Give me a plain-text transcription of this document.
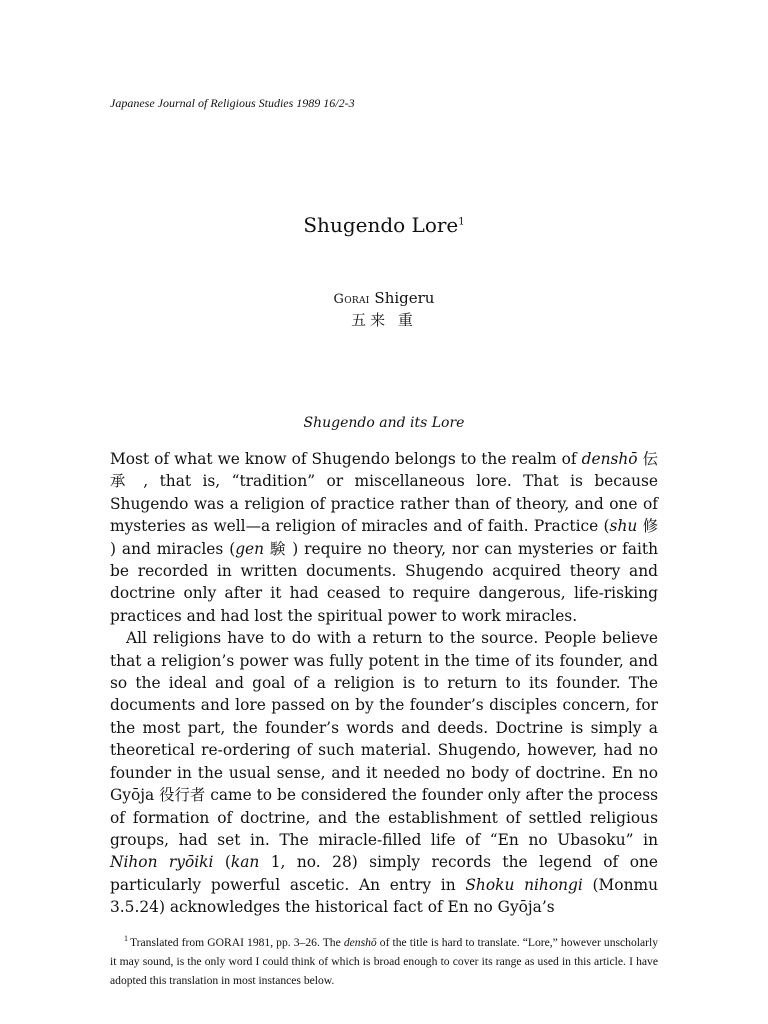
Japanese Journal of Religious Studies 1989 16/2-3
Shugendo Lore$^1$
Gorai Shigeru
五来 重
Shugendo and its Lore

Most of what we know of Shugendo belongs to the realm of denshō 伝承 , that is, “tradition” or miscellaneous lore. That is because Shugendo was a religion of practice rather than of theory, and one of mysteries as well—a religion of miracles and of faith. Practice (shu 修 ) and miracles (gen 験 ) require no theory, nor can mysteries or faith be recorded in written documents. Shugendo acquired theory and doctrine only after it had ceased to require dangerous, life-risking practices and had lost the spiritual power to work miracles.

All religions have to do with a return to the source. People believe that a religion’s power was fully potent in the time of its founder, and so the ideal and goal of a religion is to return to its founder. The documents and lore passed on by the founder’s disciples concern, for the most part, the founder’s words and deeds. Doctrine is simply a theoretical re-ordering of such material. Shugendo, however, had no founder in the usual sense, and it needed no body of doctrine. En no Gyōja 役行者 came to be considered the founder only after the process of formation of doctrine, and the establishment of settled religious groups, had set in. The miracle-filled life of “En no Ubasoku” in Nihon ryōiki (kan 1, no. 28) simply records the legend of one particularly powerful ascetic. An entry in Shoku nihongi (Monmu 3.5.24) acknowledges the historical fact of En no Gyōja’s

$^1$ Translated from GORAI 1981, pp. 3–26. The denshō of the title is hard to translate. “Lore,” however unscholarly it may sound, is the only word I could think of which is broad enough to cover its range as used in this article. I have adopted this translation in most instances below.
